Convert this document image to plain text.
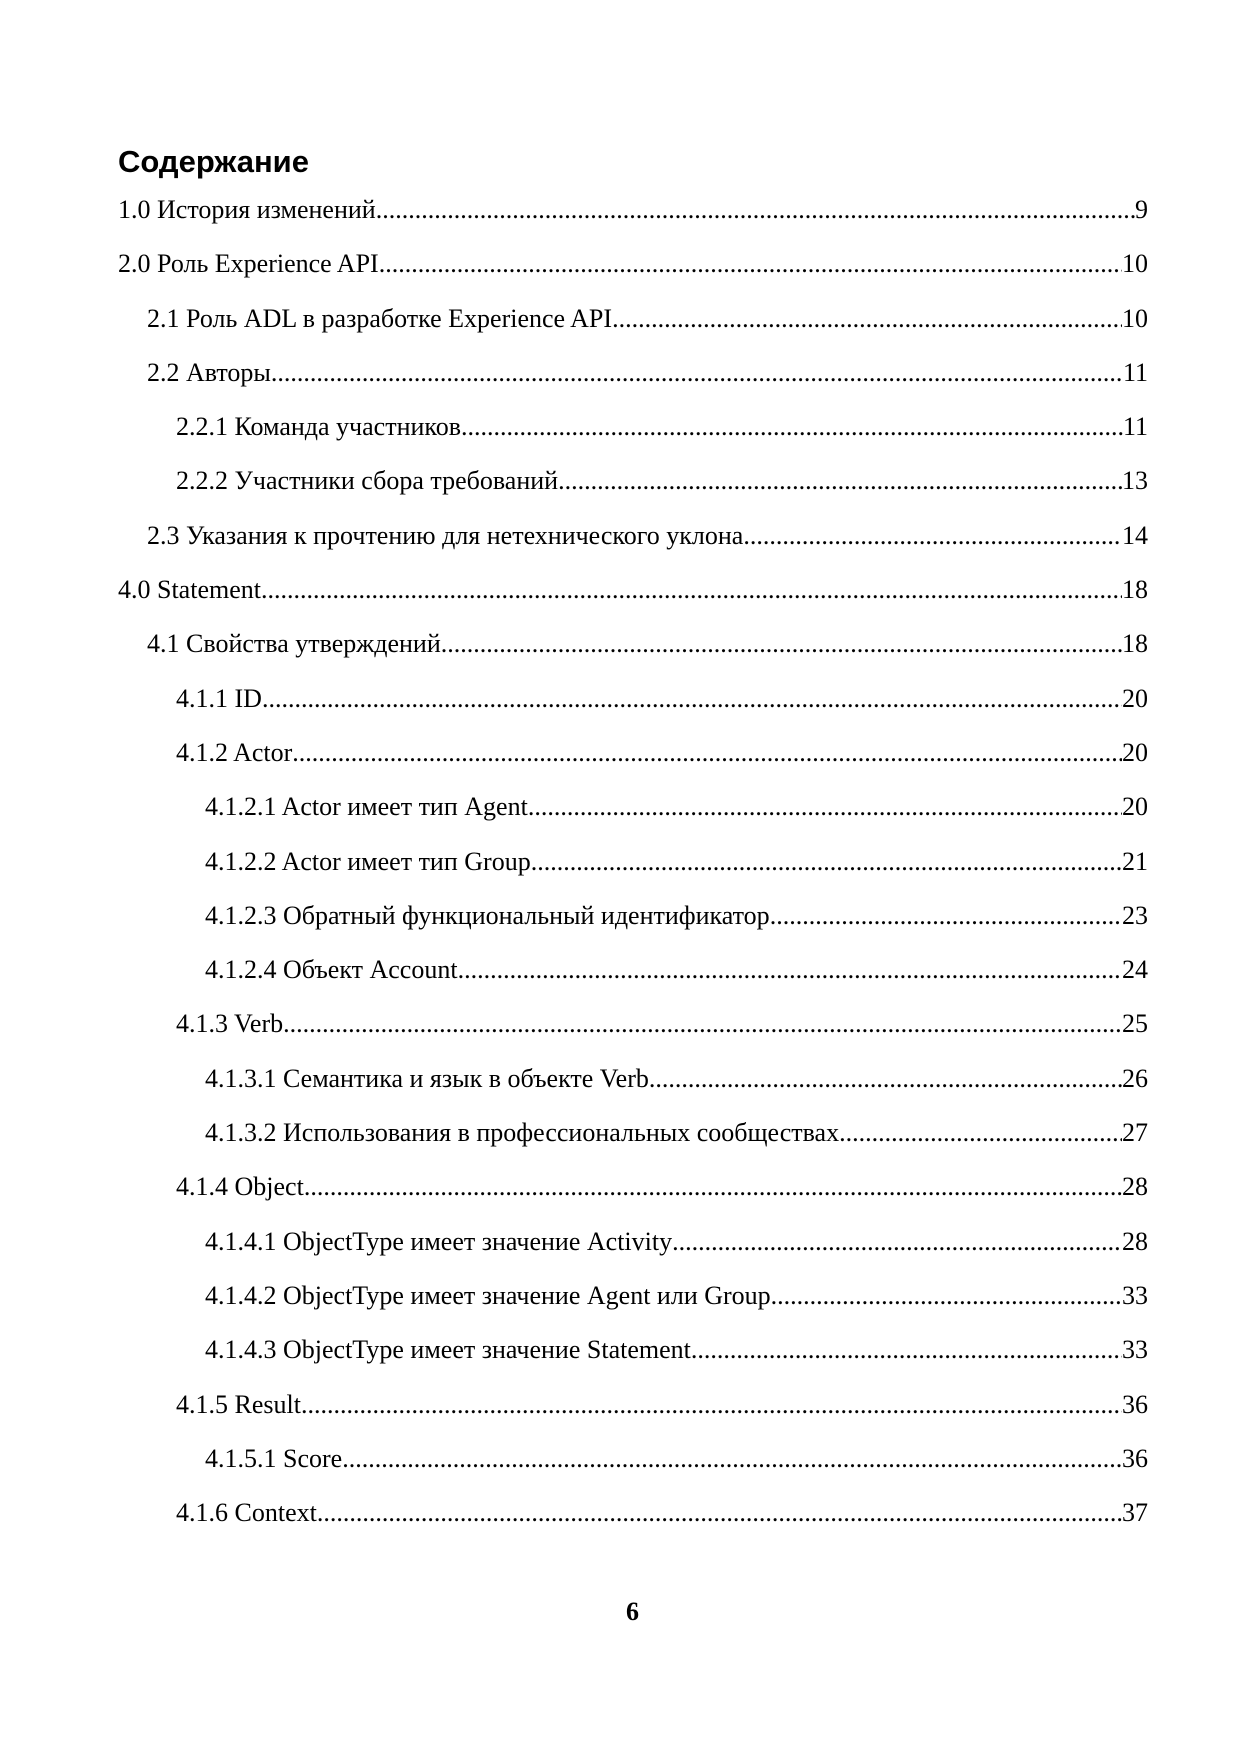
Содержание
1.0 История изменений .....	9
2.0 Роль Experience API .....	10
2.1 Роль ADL в разработке Experience API .....	10
2.2 Авторы .....	11
2.2.1 Команда участников .....	11
2.2.2 Участники сбора требований .....	13
2.3 Указания к прочтению для нетехнического уклона .....	14
4.0 Statement .....	18
4.1 Свойства утверждений .....	18
4.1.1 ID .....	20
4.1.2 Actor .....	20
4.1.2.1 Actor имеет тип Agent .....	20
4.1.2.2 Actor имеет тип Group .....	21
4.1.2.3 Обратный функциональный идентификатор .....	23
4.1.2.4 Объект Account .....	24
4.1.3 Verb .....	25
4.1.3.1 Семантика и язык в объекте Verb .....	26
4.1.3.2 Использования в профессиональных сообществах .....	27
4.1.4 Object .....	28
4.1.4.1 ObjectType имеет значение Activity .....	28
4.1.4.2 ObjectType имеет значение Agent или Group .....	33
4.1.4.3 ObjectType имеет значение Statement .....	33
4.1.5 Result .....	36
4.1.5.1 Score .....	36
4.1.6 Context .....	37
6
